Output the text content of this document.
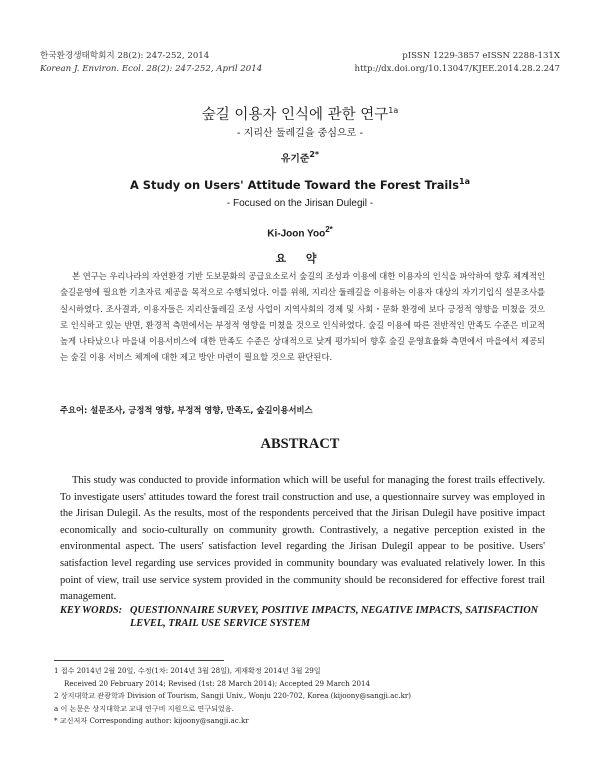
한국환경생태학회지 28(2): 247-252, 2014
Korean J. Environ. Ecol. 28(2): 247-252, April 2014
pISSN 1229-3857 eISSN 2288-131X
http://dx.doi.org/10.13047/KJEE.2014.28.2.247
숲길 이용자 인식에 관한 연구$^{1a}$
- 지리산 둘레길을 중심으로 -
유기준$^{2*}$
A Study on Users' Attitude Toward the Forest Trails$^{1a}$
- Focused on the Jirisan Dulegil -
Ki-Joon Yoo$^{2*}$
요 약
본 연구는 우리나라의 자연환경 기반 도보문화의 공급요소로서 숲길의 조성과 이용에 대한 이용자의 인식을 파악하여 향후 체계적인 숲길운영에 필요한 기초자료 제공을 목적으로 수행되었다. 이를 위해, 지리산 둘레길을 이용하는 이용자 대상의 자기기입식 설문조사를 실시하였다. 조사결과, 이용자들은 지리산둘레길 조성 사업이 지역사회의 경제 및 사회・문화 환경에 보다 긍정적 영향을 미쳤을 것으로 인식하고 있는 반면, 환경적 측면에서는 부정적 영향을 미쳤을 것으로 인식하였다. 숲길 이용에 따른 전반적인 만족도 수준은 비교적 높게 나타났으나 마을내 이용서비스에 대한 만족도 수준은 상대적으로 낮게 평가되어 향후 숲길 운영효율화 측면에서 마을에서 제공되는 숲길 이용 서비스 체계에 대한 제고 방안 마련이 필요할 것으로 판단된다.
주요어: 설문조사, 긍정적 영향, 부정적 영향, 만족도, 숲길이용서비스
ABSTRACT
This study was conducted to provide information which will be useful for managing the forest trails effectively. To investigate users' attitudes toward the forest trail construction and use, a questionnaire survey was employed in the Jirisan Dulegil. As the results, most of the respondents perceived that the Jirisan Dulegil have positive impact economically and socio-culturally on community growth. Contrastively, a negative perception existed in the environmental aspect. The users' satisfaction level regarding the Jirisan Dulegil appear to be positive. Users' satisfaction level regarding use services provided in community boundary was evaluated relatively lower. In this point of view, trail use service system provided in the community should be reconsidered for effective forest trail management.
KEY WORDS: QUESTIONNAIRE SURVEY, POSITIVE IMPACTS, NEGATIVE IMPACTS, SATISFACTION LEVEL, TRAIL USE SERVICE SYSTEM
1 접수 2014년 2월 20일, 수정(1차: 2014년 3월 28일), 게재확정 2014년 3월 29일
Received 20 February 2014; Revised (1st: 28 March 2014); Accepted 29 March 2014
2 상지대학교 관광학과 Division of Tourism, Sangji Univ., Wonju 220-702, Korea (kijoony@sangji.ac.kr)
a 이 논문은 상지대학교 교내 연구비 지원으로 연구되었음.
* 교신저자 Corresponding author: kijoony@sangji.ac.kr
